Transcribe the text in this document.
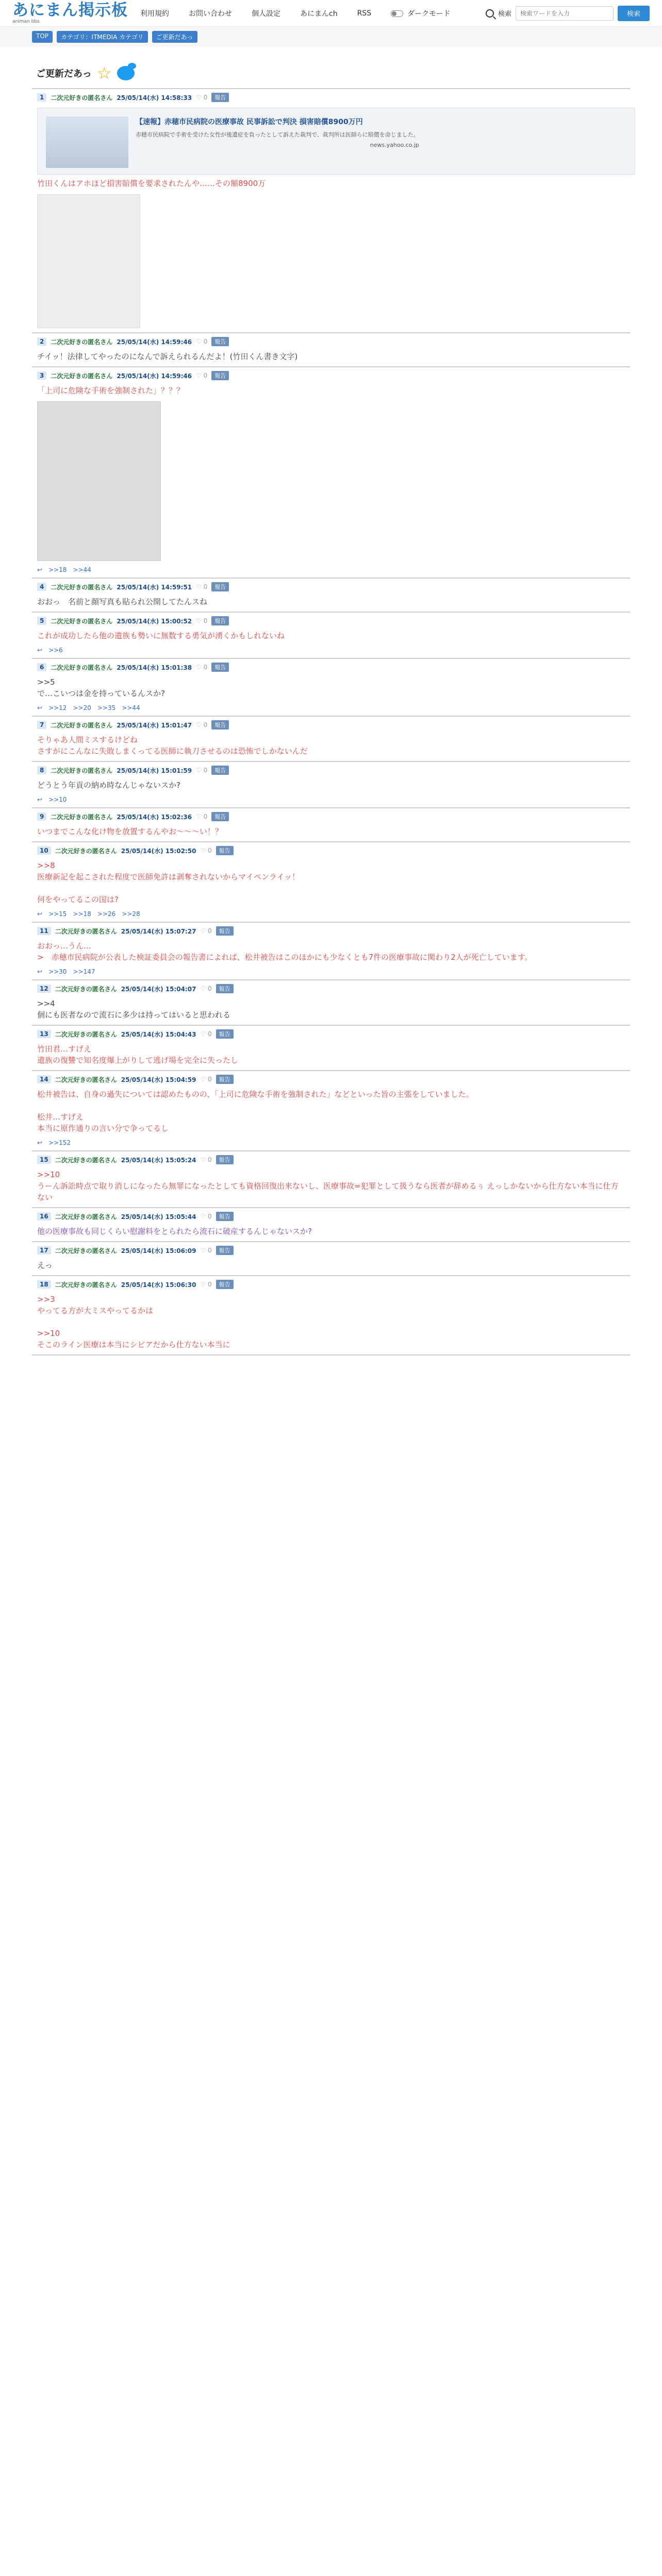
あにまん掲示板
animan bbs
利用規約	お問い合わせ	個人設定	あにまんch	RSS	ダークモード	検索
検索ワードを入力	検索
TOP	カテゴリ：ITMEDIA カテゴリ	ご更新だあっ
ご更新だあっ ☆
1	二次元好きの匿名さん 25/05/14(水) 14:58:33 ♡ 0	報告
【速報】赤穂市民病院の医療事故 民事訴訟で判決 損害賠償8900万円
赤穂市民病院で手術を受けた女性が後遺症を負ったとして訴えた裁判で、裁判所は医師らに賠償を命じました。
news.yahoo.co.jp
竹田くんはアホほど損害賠償を要求されたんや……その額8900万
2	二次元好きの匿名さん 25/05/14(水) 14:59:46 ♡ 0	報告
チイッ！法律してやったのになんで訴えられるんだよ！(竹田くん書き文字)
3	二次元好きの匿名さん 25/05/14(水) 14:59:46 ♡ 0	報告
「上司に危険な手術を強制された」？？？
↩ >>18 >>44
4	二次元好きの匿名さん 25/05/14(水) 14:59:51 ♡ 0	報告
おおっ　名前と顔写真も貼られ公開してたんスね
5	二次元好きの匿名さん 25/05/14(水) 15:00:52 ♡ 0	報告
これが成功したら他の遺族も勢いに無数する勇気が湧くかもしれないね
↩ >>6
6	二次元好きの匿名さん 25/05/14(水) 15:01:38 ♡ 0	報告
>>5
で…こいつは金を持っているんスか?
↩ >>12 >>20 >>35 >>44
7	二次元好きの匿名さん 25/05/14(水) 15:01:47 ♡ 0	報告
そりゃあ人間ミスするけどね
さすがにこんなに失敗しまくってる医師に執刀させるのは恐怖でしかないんだ
8	二次元好きの匿名さん 25/05/14(水) 15:01:59 ♡ 0	報告
どうとう年貢の納め時なんじゃないスか?
↩ >>10
9	二次元好きの匿名さん 25/05/14(水) 15:02:36 ♡ 0	報告
いつまでこんな化け物を放置するんやお〜〜〜い！？
10	二次元好きの匿名さん 25/05/14(水) 15:02:50 ♡ 0	報告
>>8
医療新記を起こされた程度で医師免許は剥奪されないからマイペンライッ！

何をやってるこの国は?
↩ >>15 >>18 >>26 >>28
11	二次元好きの匿名さん 25/05/14(水) 15:07:27 ♡ 0	報告
おおっ…うん…
>　赤穂市民病院が公表した検証委員会の報告書によれば、松井被告はこのほかにも少なくとも7件の医療事故に関わり2人が死亡しています。
↩ >>30 >>147
12	二次元好きの匿名さん 25/05/14(水) 15:04:07 ♡ 0	報告
>>4
個にも医者なので流石に多少は持ってはいると思われる
13	二次元好きの匿名さん 25/05/14(水) 15:04:43 ♡ 0	報告
竹田君…すげえ
遺族の復讐で知名度爆上がりして逃げ場を完全に失ったし
14	二次元好きの匿名さん 25/05/14(水) 15:04:59 ♡ 0	報告
松井被告は、自身の過失については認めたものの、「上司に危険な手術を強制された」などといった旨の主張をしていました。

松井…すげえ
本当に原作通りの言い分で争ってるし
↩ >>152
15	二次元好きの匿名さん 25/05/14(水) 15:05:24 ♡ 0	報告
>>10
うーん訴訟時点で取り消しになったら無罪になったとしても資格回復出来ないし、医療事故=犯罪として扱うなら医者が辞めるぅ えっしかないから仕方ない本当に仕方ない
16	二次元好きの匿名さん 25/05/14(水) 15:05:44 ♡ 0	報告
他の医療事故も同じくらい慰謝料をとられたら流石に破産するんじゃないスか?
17	二次元好きの匿名さん 25/05/14(水) 15:06:09 ♡ 0	報告
えっ
18	二次元好きの匿名さん 25/05/14(水) 15:06:30 ♡ 0	報告
>>3
やってる方が大ミスやってるかは

>>10
そこのライン医療は本当にシビアだから仕方ない本当に
